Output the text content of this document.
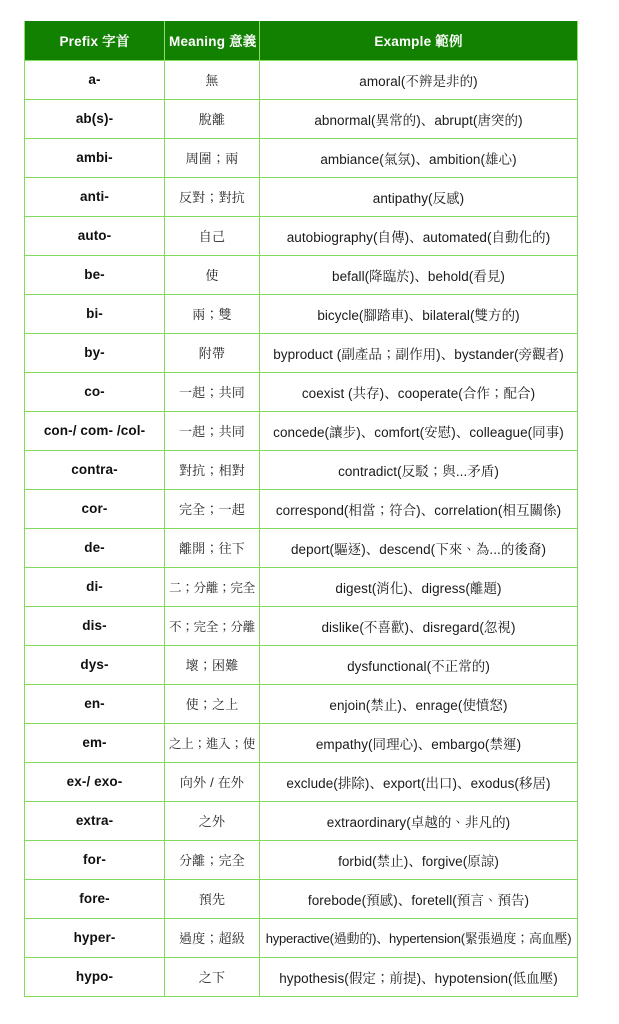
Prefix 字首	Meaning 意義	Example 範例
a-	無	amoral(不辨是非的)
ab(s)-	脫離	abnormal(異常的)、abrupt(唐突的)
ambi-	周圍；兩	ambiance(氣氛)、ambition(雄心)
anti-	反對；對抗	antipathy(反感)
auto-	自己	autobiography(自傳)、automated(自動化的)
be-	使	befall(降臨於)、behold(看見)
bi-	兩；雙	bicycle(腳踏車)、bilateral(雙方的)
by-	附帶	byproduct (副產品；副作用)、bystander(旁觀者)
co-	一起；共同	coexist (共存)、cooperate(合作；配合)
con-/ com- /col-	一起；共同	concede(讓步)、comfort(安慰)、colleague(同事)
contra-	對抗；相對	contradict(反駁；與...矛盾)
cor-	完全；一起	correspond(相當；符合)、correlation(相互關係)
de-	離開；往下	deport(驅逐)、descend(下來、為...的後裔)
di-	二；分離；完全	digest(消化)、digress(離題)
dis-	不；完全；分離	dislike(不喜歡)、disregard(忽視)
dys-	壞；困難	dysfunctional(不正常的)
en-	使；之上	enjoin(禁止)、enrage(使憤怒)
em-	之上；進入；使	empathy(同理心)、embargo(禁運)
ex-/ exo-	向外 / 在外	exclude(排除)、export(出口)、exodus(移居)
extra-	之外	extraordinary(卓越的、非凡的)
for-	分離；完全	forbid(禁止)、forgive(原諒)
fore-	預先	forebode(預感)、foretell(預言、預告)
hyper-	過度；超級	hyperactive(過動的)、hypertension(緊張過度；高血壓)
hypo-	之下	hypothesis(假定；前提)、hypotension(低血壓)
